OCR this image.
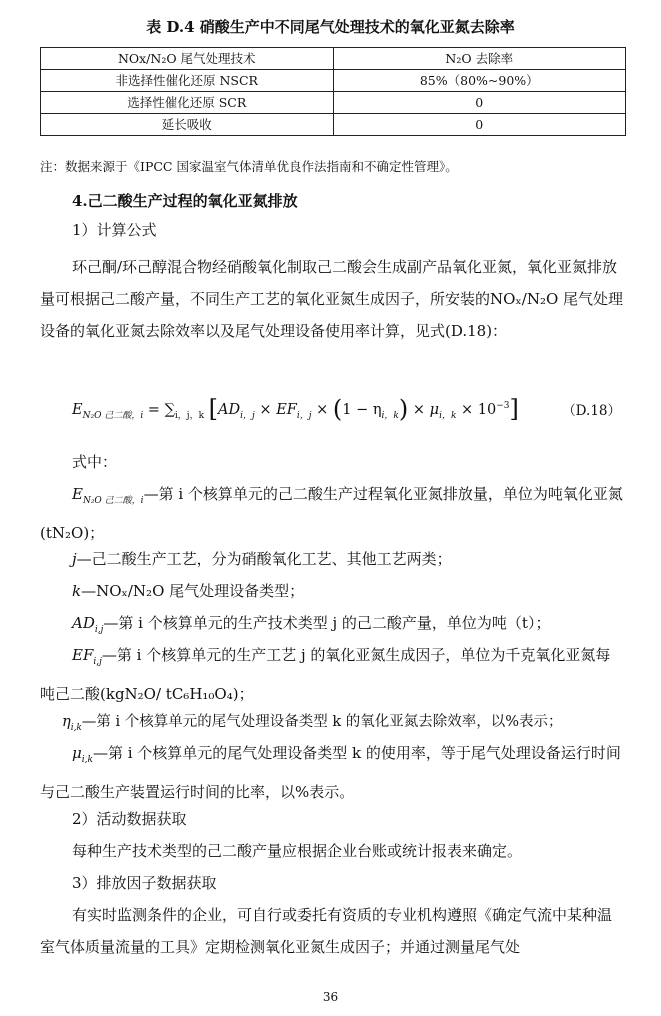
表 D.4 硝酸生产中不同尾气处理技术的氧化亚氮去除率
NOx/N₂O 尾气处理技术	N₂O 去除率
非选择性催化还原 NSCR	85%（80%~90%）
选择性催化还原 SCR	0
延长吸收	0
注：数据来源于《IPCC 国家温室气体清单优良作法指南和不确定性管理》。
4.己二酸生产过程的氧化亚氮排放
1）计算公式
环己酮/环己醇混合物经硝酸氧化制取己二酸会生成副产品氧化亚氮，氧化亚氮排放量可根据己二酸产量，不同生产工艺的氧化亚氮生成因子，所安装的NOₓ/N₂O 尾气处理设备的氧化亚氮去除效率以及尾气处理设备使用率计算，见式(D.18)：
$E_{N_2O 己二酸,i} = \sum_{i,j,k}$ $[AD_{i,j} \times EF_{i,j} \times (1 - \eta_{i,k}) \times \mu_{i,k} \times 10^{-3}]$	（D.18）
式中：
$E_{N_2O 己二酸,i}—$第 i 个核算单元的己二酸生产过程氧化亚氮排放量，单位为吨氧化亚氮(tN₂O)；
j—己二酸生产工艺，分为硝酸氧化工艺、其他工艺两类；
k—NOₓ/N₂O 尾气处理设备类型；
$AD_{i,j}—$第 i 个核算单元的生产技术类型 j 的己二酸产量，单位为吨（t）；
$EF_{i,j}—$第 i 个核算单元的生产工艺 j 的氧化亚氮生成因子，单位为千克氧化亚氮每吨己二酸(kgN₂O/ tC₆H₁₀O₄)；
$\eta_{i,k}—$第 i 个核算单元的尾气处理设备类型 k 的氧化亚氮去除效率，以%表示；
$\mu_{i,k}—$第 i 个核算单元的尾气处理设备类型 k 的使用率，等于尾气处理设备运行时间与己二酸生产装置运行时间的比率，以%表示。
2）活动数据获取
每种生产技术类型的己二酸产量应根据企业台账或统计报表来确定。
3）排放因子数据获取
有实时监测条件的企业，可自行或委托有资质的专业机构遵照《确定气流中某种温室气体质量流量的工具》定期检测氧化亚氮生成因子；并通过测量尾气处
36
